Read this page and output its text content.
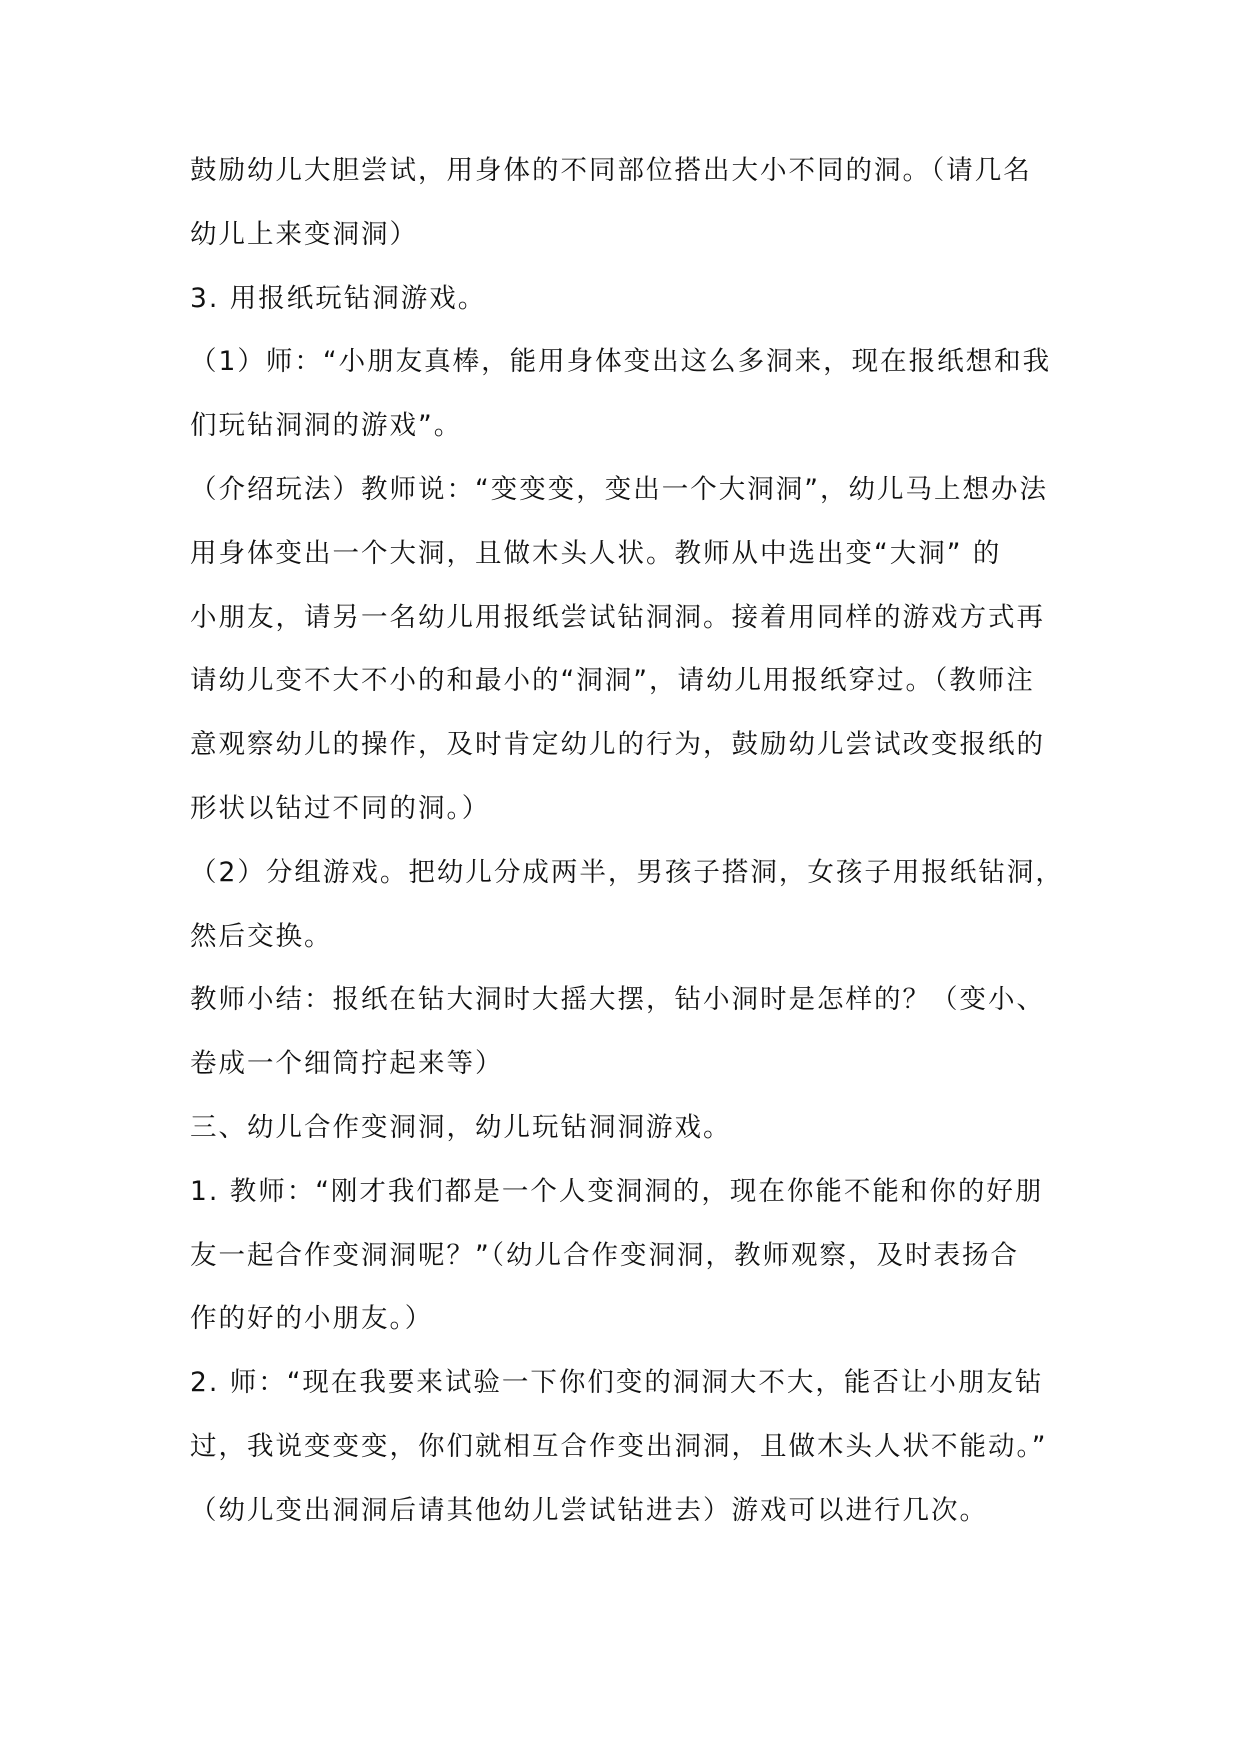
鼓励幼儿大胆尝试，用身体的不同部位搭出大小不同的洞。（请几名
幼儿上来变洞洞）
3. 用报纸玩钻洞游戏。
（1）师：“小朋友真棒，能用身体变出这么多洞来，现在报纸想和我
们玩钻洞洞的游戏”。
（介绍玩法）教师说：“变变变，变出一个大洞洞”，幼儿马上想办法
用身体变出一个大洞，且做木头人状。教师从中选出变“大洞” 的
小朋友，请另一名幼儿用报纸尝试钻洞洞。接着用同样的游戏方式再
请幼儿变不大不小的和最小的“洞洞”，请幼儿用报纸穿过。（教师注
意观察幼儿的操作，及时肯定幼儿的行为，鼓励幼儿尝试改变报纸的
形状以钻过不同的洞。）
（2）分组游戏。把幼儿分成两半，男孩子搭洞，女孩子用报纸钻洞，
然后交换。
教师小结：报纸在钻大洞时大摇大摆，钻小洞时是怎样的？（变小、
卷成一个细筒拧起来等）
三、幼儿合作变洞洞，幼儿玩钻洞洞游戏。
1. 教师：“刚才我们都是一个人变洞洞的，现在你能不能和你的好朋
友一起合作变洞洞呢？”（幼儿合作变洞洞，教师观察，及时表扬合
作的好的小朋友。）
2. 师：“现在我要来试验一下你们变的洞洞大不大，能否让小朋友钻
过，我说变变变，你们就相互合作变出洞洞，且做木头人状不能动。”
（幼儿变出洞洞后请其他幼儿尝试钻进去）游戏可以进行几次。
